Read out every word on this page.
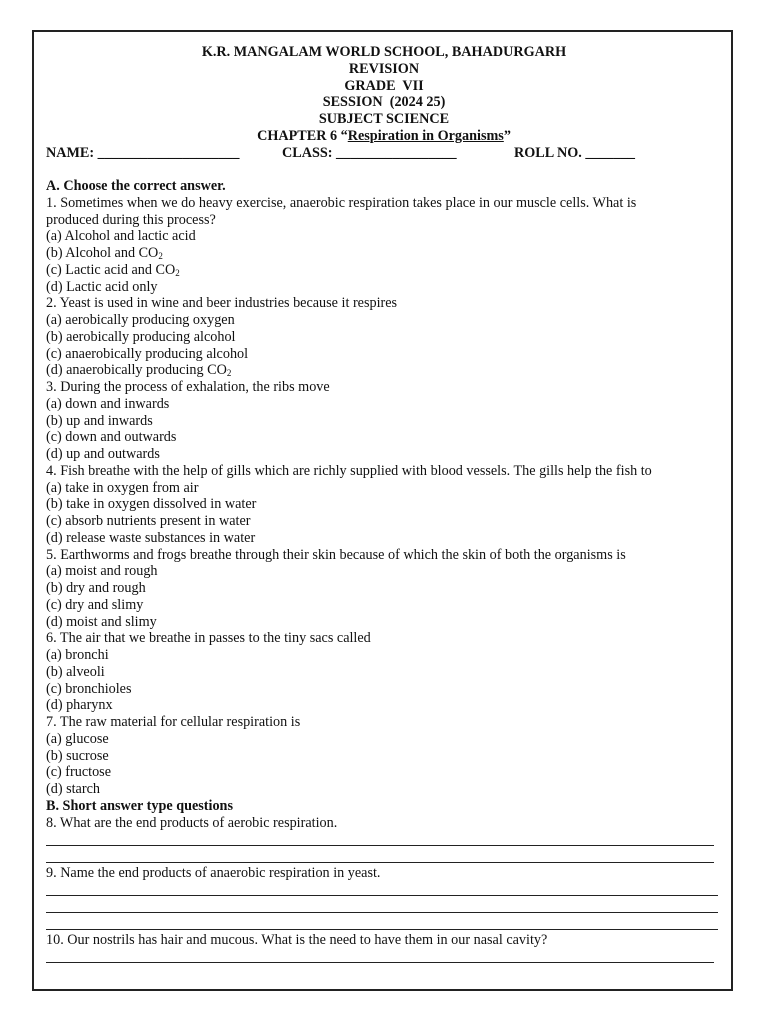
K.R. MANGALAM WORLD SCHOOL, BAHADURGARH
REVISION
GRADE  VII
SESSION  (2024 25)
SUBJECT SCIENCE
CHAPTER 6 “Respiration in Organisms”
NAME: ____________________	CLASS: _________________	ROLL NO. _______
A. Choose the correct answer.
1. Sometimes when we do heavy exercise, anaerobic respiration takes place in our muscle cells. What is
produced during this process?
(a) Alcohol and lactic acid
(b) Alcohol and $CO_2$
(c) Lactic acid and $CO_2$
(d) Lactic acid only
2. Yeast is used in wine and beer industries because it respires
(a) aerobically producing oxygen
(b) aerobically producing alcohol
(c) anaerobically producing alcohol
(d) anaerobically producing $CO_2$
3. During the process of exhalation, the ribs move
(a) down and inwards
(b) up and inwards
(c) down and outwards
(d) up and outwards
4. Fish breathe with the help of gills which are richly supplied with blood vessels. The gills help the fish to
(a) take in oxygen from air
(b) take in oxygen dissolved in water
(c) absorb nutrients present in water
(d) release waste substances in water
5. Earthworms and frogs breathe through their skin because of which the skin of both the organisms is
(a) moist and rough
(b) dry and rough
(c) dry and slimy
(d) moist and slimy
6. The air that we breathe in passes to the tiny sacs called
(a) bronchi
(b) alveoli
(c) bronchioles
(d) pharynx
7. The raw material for cellular respiration is
(a) glucose
(b) sucrose
(c) fructose
(d) starch
B. Short answer type questions
8. What are the end products of aerobic respiration.
9. Name the end products of anaerobic respiration in yeast.
10. Our nostrils has hair and mucous. What is the need to have them in our nasal cavity?
